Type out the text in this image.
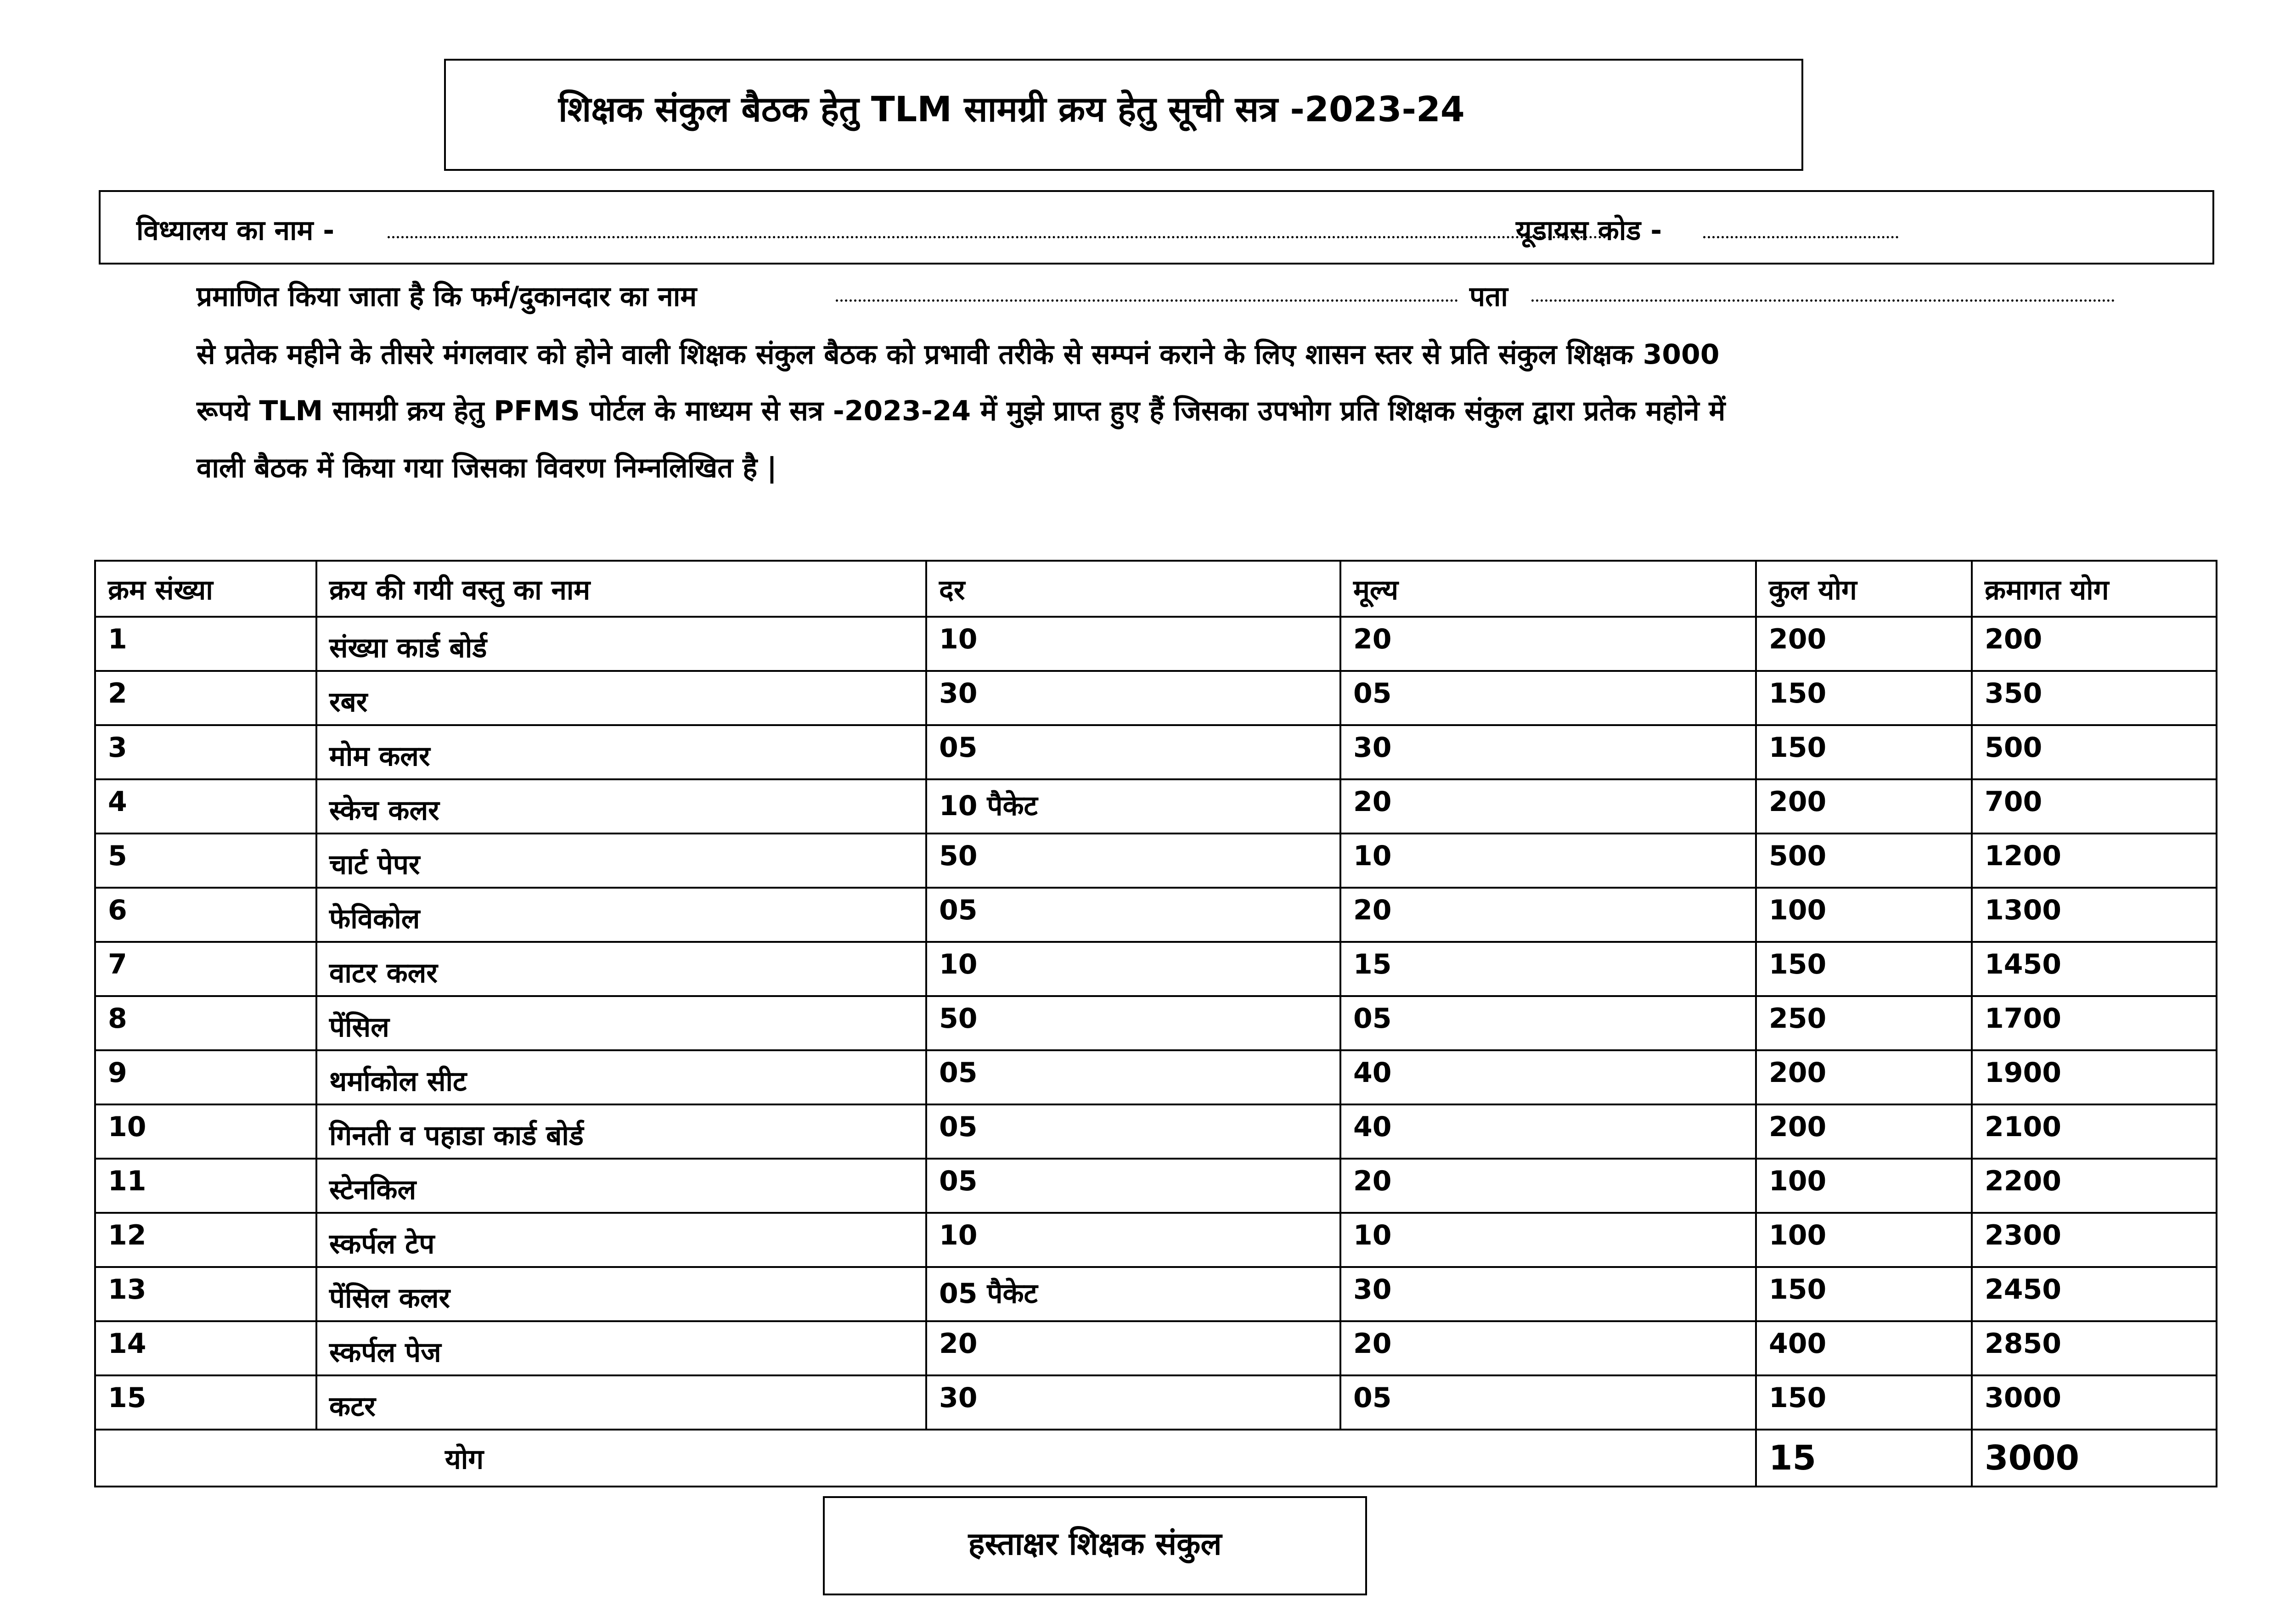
शिक्षक संकुल बैठक हेतु TLM सामग्री क्रय हेतु सूची सत्र -2023-24
विध्यालय का नाम -	यूडायस कोड -
प्रमाणित किया जाता है कि फर्म/दुकानदार का नाम	पता
से प्रतेक महीने के तीसरे मंगलवार को होने वाली शिक्षक संकुल बैठक को प्रभावी तरीके से सम्पनं कराने के लिए शासन स्तर से प्रति संकुल शिक्षक 3000
रूपये TLM सामग्री क्रय हेतु PFMS पोर्टल के माध्यम से सत्र -2023-24 में मुझे प्राप्त हुए हैं जिसका उपभोग प्रति शिक्षक संकुल द्वारा प्रतेक महोने में
वाली बैठक में किया गया जिसका विवरण निम्नलिखित है |
क्रम संख्या	क्रय की गयी वस्तु का नाम	दर	मूल्य	कुल योग	क्रमागत योग
1	संख्या कार्ड बोर्ड	10	20	200	200
2	रबर	30	05	150	350
3	मोम कलर	05	30	150	500
4	स्केच कलर	10 पैकेट	20	200	700
5	चार्ट पेपर	50	10	500	1200
6	फेविकोल	05	20	100	1300
7	वाटर कलर	10	15	150	1450
8	पेंसिल	50	05	250	1700
9	थर्माकोल सीट	05	40	200	1900
10	गिनती व पहाडा कार्ड बोर्ड	05	40	200	2100
11	स्टेनकिल	05	20	100	2200
12	स्कर्पल टेप	10	10	100	2300
13	पेंसिल कलर	05 पैकेट	30	150	2450
14	स्कर्पल पेज	20	20	400	2850
15	कटर	30	05	150	3000
योग				15	3000
हस्ताक्षर शिक्षक संकुल
